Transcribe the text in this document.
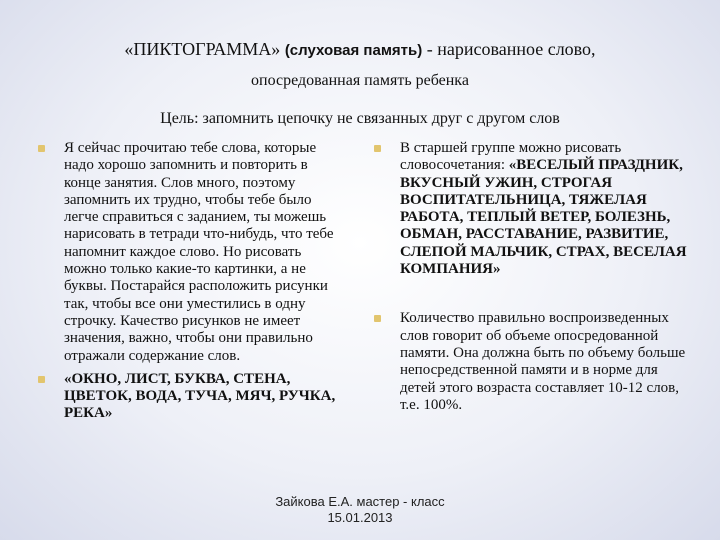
«ПИКТОГРАММА» (слуховая память) - нарисованное слово,
опосредованная память ребенка
Цель: запомнить цепочку не связанных друг с другом слов
Я сейчас прочитаю тебе слова, которые надо хорошо запомнить и повторить в конце занятия. Слов много, поэтому запомнить их трудно, чтобы тебе было легче справиться с заданием, ты можешь нарисовать в тетради что-нибудь, что тебе напомнит каждое слово. Но рисовать можно только какие-то картинки, а не буквы. Постарайся расположить рисунки так, чтобы все они уместились в одну строчку. Качество рисунков не имеет значения, важно, чтобы они правильно отражали содержание слов.
«ОКНО, ЛИСТ, БУКВА, СТЕНА, ЦВЕТОК, ВОДА, ТУЧА, МЯЧ, РУЧКА, РЕКА»
В старшей группе можно рисовать словосочетания: «ВЕСЕЛЫЙ ПРАЗДНИК, ВКУСНЫЙ УЖИН, СТРОГАЯ ВОСПИТАТЕЛЬНИЦА, ТЯЖЕЛАЯ РАБОТА, ТЕПЛЫЙ ВЕТЕР, БОЛЕЗНЬ, ОБМАН, РАССТАВАНИЕ, РАЗВИТИЕ, СЛЕПОЙ МАЛЬЧИК, СТРАХ, ВЕСЕЛАЯ КОМПАНИЯ»
Количество правильно воспроизведенных слов говорит об объеме опосредованной памяти. Она должна быть по объему больше непосредственной памяти и в норме для детей этого возраста составляет 10-12 слов, т.е. 100%.
Зайкова Е.А. мастер - класс
15.01.2013
